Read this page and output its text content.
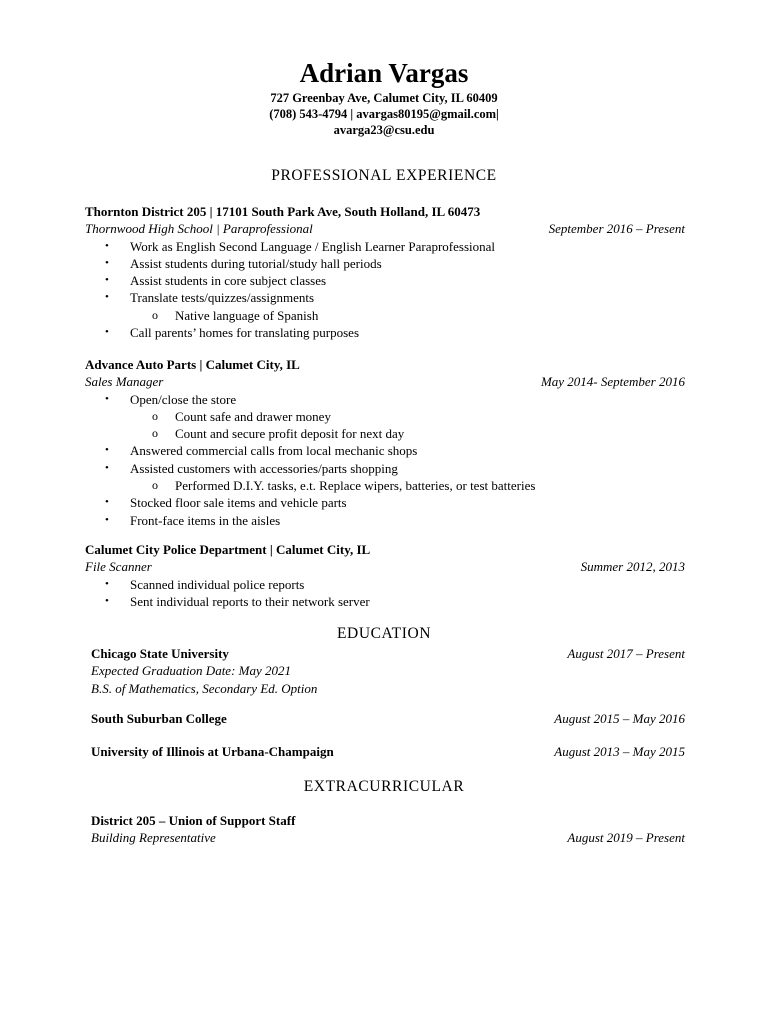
Adrian Vargas
727 Greenbay Ave, Calumet City, IL 60409
(708) 543-4794 | avargas80195@gmail.com|
avarga23@csu.edu
PROFESSIONAL EXPERIENCE
Thornton District 205 | 17101 South Park Ave, South Holland, IL 60473
Thornwood High School | Paraprofessional	September 2016 – Present
• Work as English Second Language / English Learner Paraprofessional
• Assist students during tutorial/study hall periods
• Assist students in core subject classes
• Translate tests/quizzes/assignments
o Native language of Spanish
• Call parents’ homes for translating purposes
Advance Auto Parts | Calumet City, IL
Sales Manager	May 2014- September 2016
• Open/close the store
o Count safe and drawer money
o Count and secure profit deposit for next day
• Answered commercial calls from local mechanic shops
• Assisted customers with accessories/parts shopping
o Performed D.I.Y. tasks, e.t. Replace wipers, batteries, or test batteries
• Stocked floor sale items and vehicle parts
• Front-face items in the aisles
Calumet City Police Department | Calumet City, IL
File Scanner	Summer 2012, 2013
• Scanned individual police reports
• Sent individual reports to their network server
EDUCATION
Chicago State University	August 2017 – Present
Expected Graduation Date: May 2021
B.S. of Mathematics, Secondary Ed. Option
South Suburban College	August 2015 – May 2016
University of Illinois at Urbana-Champaign	August 2013 – May 2015
EXTRACURRICULAR
District 205 – Union of Support Staff
Building Representative	August 2019 – Present
